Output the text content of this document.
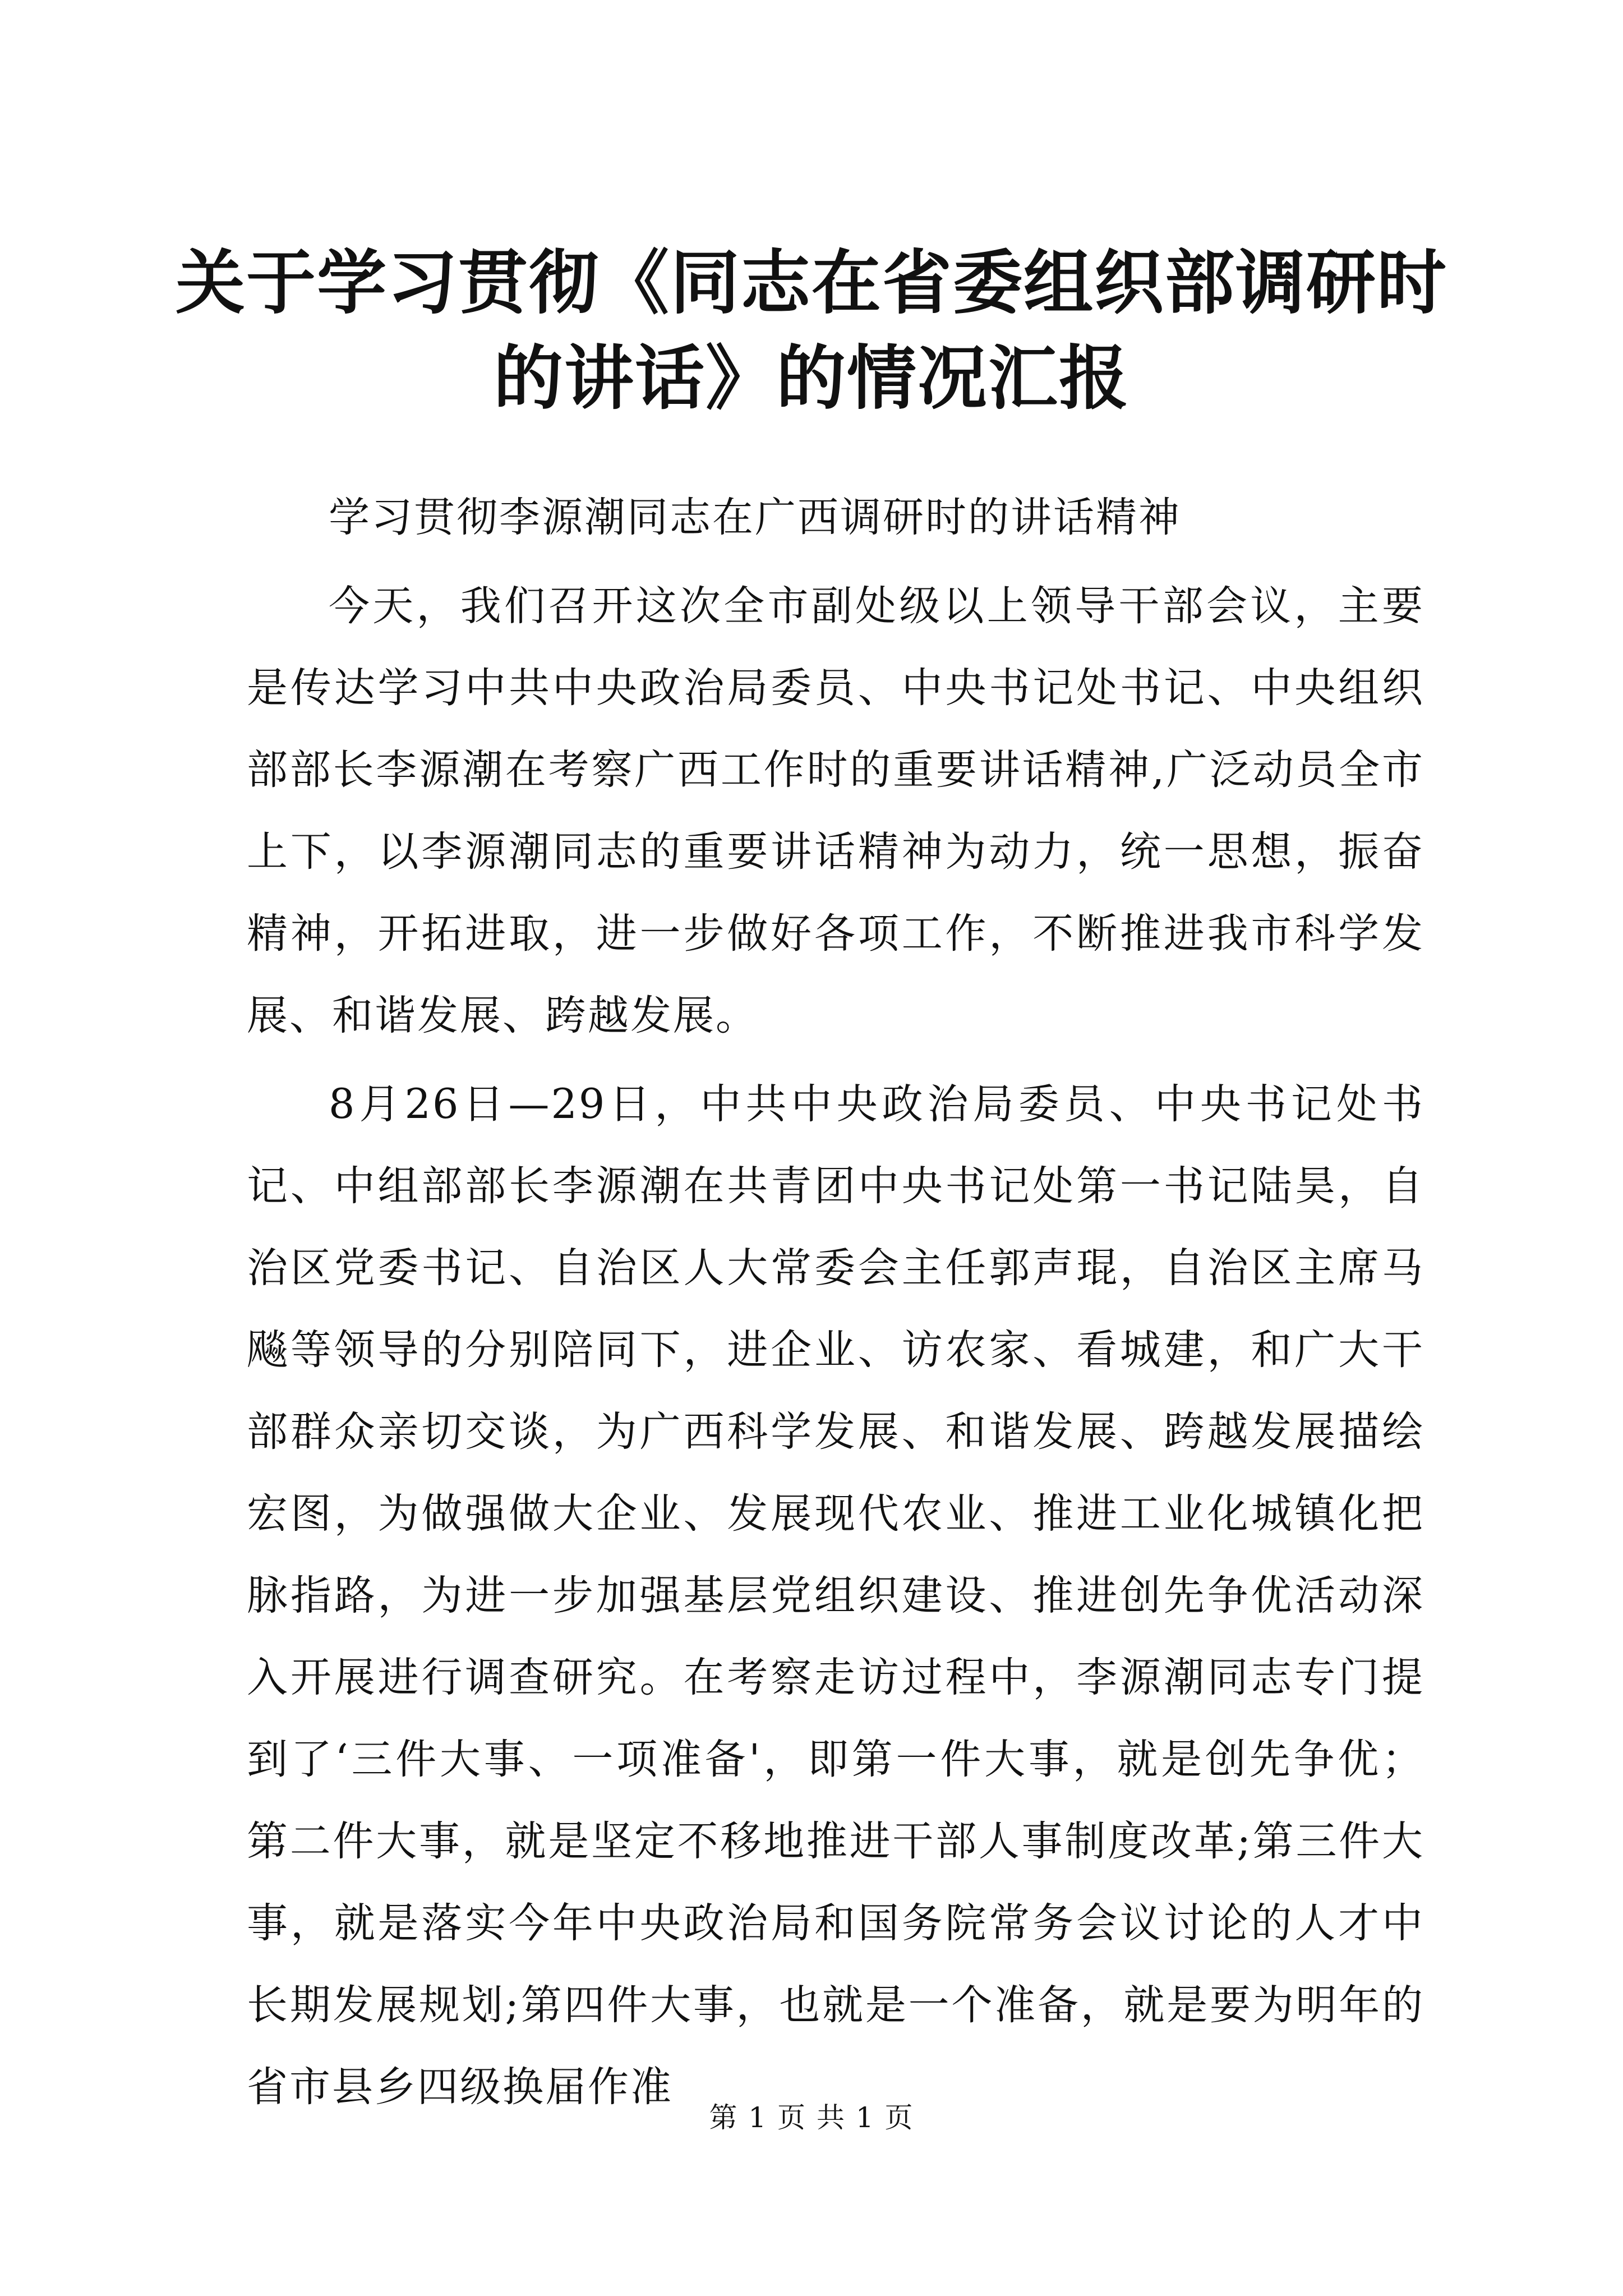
关于学习贯彻《同志在省委组织部调研时的讲话》的情况汇报

学习贯彻李源潮同志在广西调研时的讲话精神

今天，我们召开这次全市副处级以上领导干部会议，主要是传达学习中共中央政治局委员、中央书记处书记、中央组织部部长李源潮在考察广西工作时的重要讲话精神,广泛动员全市上下，以李源潮同志的重要讲话精神为动力，统一思想，振奋精神，开拓进取，进一步做好各项工作，不断推进我市科学发展、和谐发展、跨越发展。

8月26日—29日，中共中央政治局委员、中央书记处书记、中组部部长李源潮在共青团中央书记处第一书记陆昊，自治区党委书记、自治区人大常委会主任郭声琨，自治区主席马飚等领导的分别陪同下，进企业、访农家、看城建，和广大干部群众亲切交谈，为广西科学发展、和谐发展、跨越发展描绘宏图，为做强做大企业、发展现代农业、推进工业化城镇化把脉指路，为进一步加强基层党组织建设、推进创先争优活动深入开展进行调查研究。在考察走访过程中，李源潮同志专门提到了‘三件大事、一项准备'，即第一件大事，就是创先争优；第二件大事，就是坚定不移地推进干部人事制度改革;第三件大事，就是落实今年中央政治局和国务院常务会议讨论的人才中长期发展规划;第四件大事，也就是一个准备，就是要为明年的省市县乡四级换届作准

第 1 页 共 1 页
